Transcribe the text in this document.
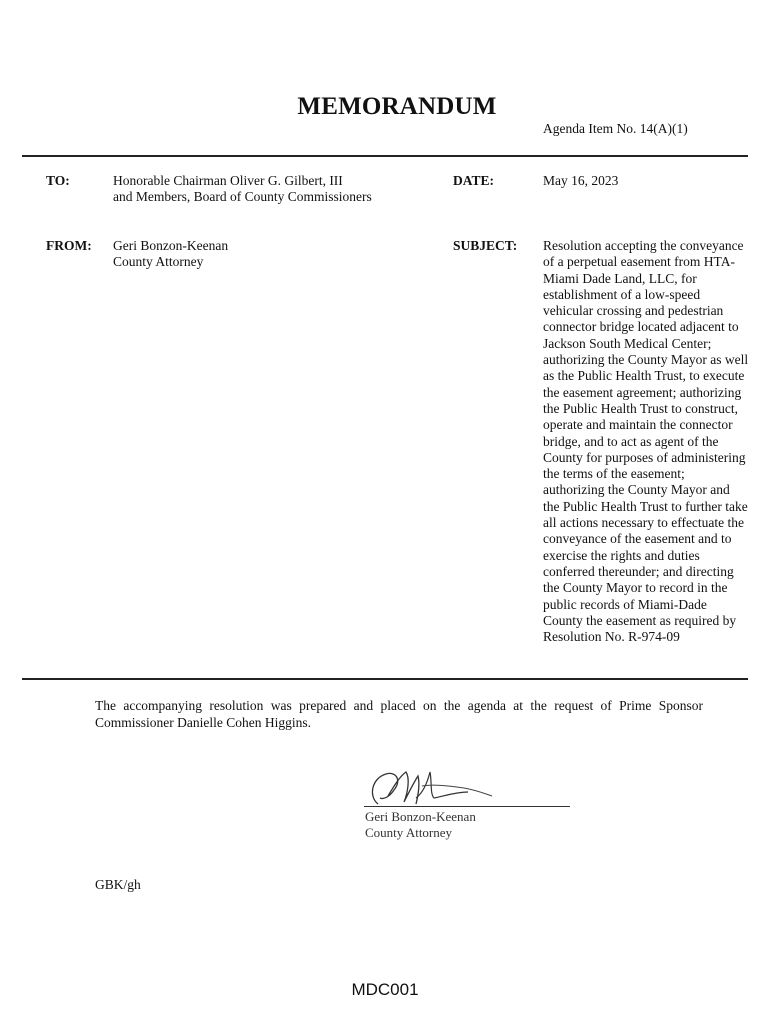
MEMORANDUM
Agenda Item No. 14(A)(1)
TO:	Honorable Chairman Oliver G. Gilbert, III
and Members, Board of County Commissioners
DATE:	May 16, 2023
FROM: Geri Bonzon-Keenan
County Attorney
SUBJECT: Resolution accepting the conveyance of a perpetual easement from HTA-Miami Dade Land, LLC, for establishment of a low-speed vehicular crossing and pedestrian connector bridge located adjacent to Jackson South Medical Center; authorizing the County Mayor as well as the Public Health Trust, to execute the easement agreement; authorizing the Public Health Trust to construct, operate and maintain the connector bridge, and to act as agent of the County for purposes of administering the terms of the easement; authorizing the County Mayor and the Public Health Trust to further take all actions necessary to effectuate the conveyance of the easement and to exercise the rights and duties conferred thereunder; and directing the County Mayor to record in the public records of Miami-Dade County the easement as required by Resolution No. R-974-09
The accompanying resolution was prepared and placed on the agenda at the request of Prime Sponsor Commissioner Danielle Cohen Higgins.
Geri Bonzon-Keenan
County Attorney
GBK/gh
MDC001
